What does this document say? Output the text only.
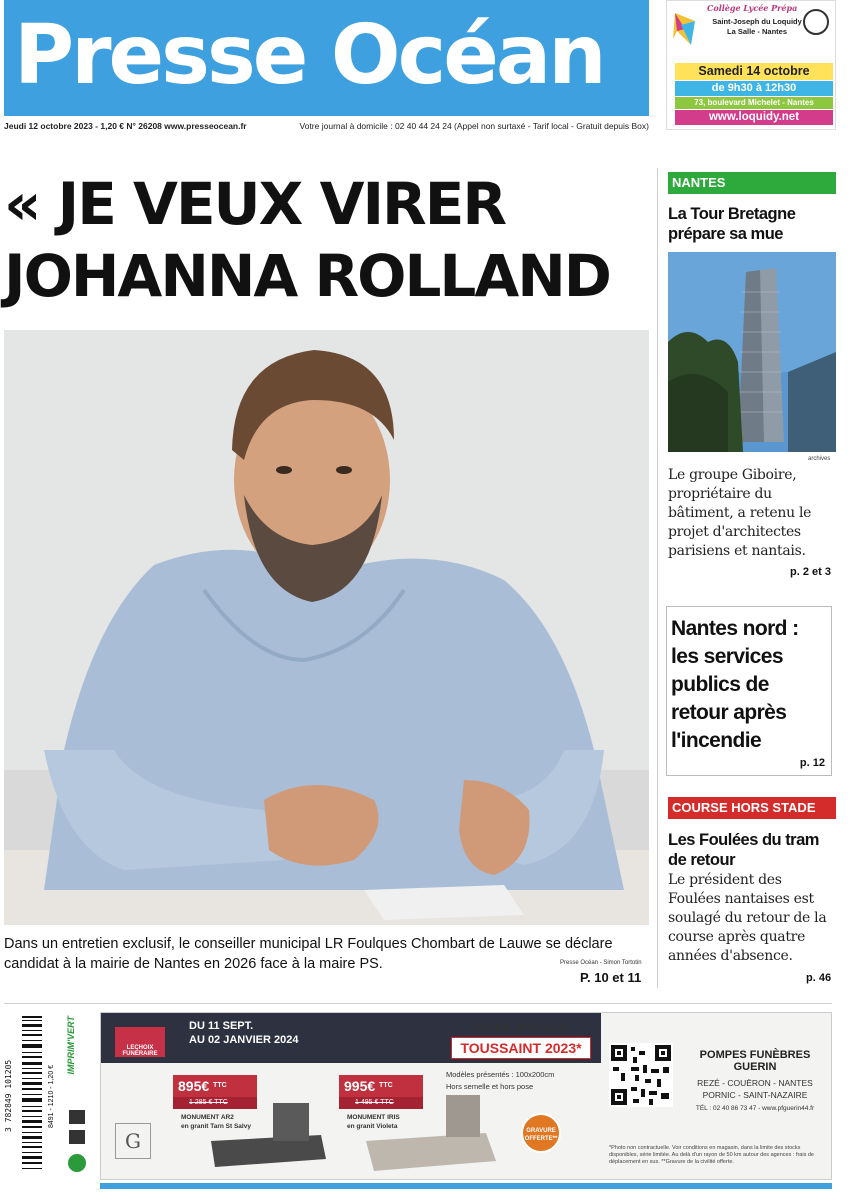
Presse Océan
Jeudi 12 octobre 2023 - 1,20 € N° 26208 www.presseocean.fr	Votre journal à domicile : 02 40 44 24 24 (Appel non surtaxé - Tarif local - Gratuit depuis Box)
Collège Lycée Prépa
Saint-Joseph du Loquidy
La Salle - Nantes
Samedi 14 octobre
de 9h30 à 12h30
73, boulevard Michelet - Nantes
www.loquidy.net
« JE VEUX VIRER
JOHANNA ROLLAND
Dans un entretien exclusif, le conseiller municipal LR Foulques Chombart de Lauwe se déclare candidat à la mairie de Nantes en 2026 face à la maire PS.	Presse Océan - Simon Tortotin
P. 10 et 11
NANTES
La Tour Bretagne prépare sa mue
archives
Le groupe Giboire, propriétaire du bâtiment, a retenu le projet d'architectes parisiens et nantais.
p. 2 et 3
Nantes nord : les services publics de retour après l'incendie
p. 12
COURSE HORS STADE
Les Foulées du tram de retour
Le président des Foulées nantaises est soulagé du retour de la course après quatre années d'absence.
p. 46
3 782849 101205	8491 - 1210 - 1,20 €
IMPRIM'VERT	LECHOIX FUNÉRAIRE
DU 11 SEPT.
AU 02 JANVIER 2024
OFFRE SPÉCIALE
TOUSSAINT 2023*
Modèles présentés : 100x200cm
Hors semelle et hors pose
895€ $^{TTC}$
1 285 € TTC
MONUMENT AR2
en granit Tarn St Salvy
995€ $^{TTC}$
1 495 € TTC
MONUMENT IRIS
en granit Violeta
G	GRAVURE OFFERTE**
POMPES FUNÈBRES GUERIN
REZÉ - COUËRON - NANTES
PORNIC - SAINT-NAZAIRE
TÉL : 02 40 86 73 47 - www.pfguerin44.fr
*Photo non contractuelle. Voir conditions en magasin, dans la limite des stocks disponibles, série limitée. Au delà d'un rayon de 50 km autour des agences : frais de déplacement en sus. **Gravure de la civilité offerte.
